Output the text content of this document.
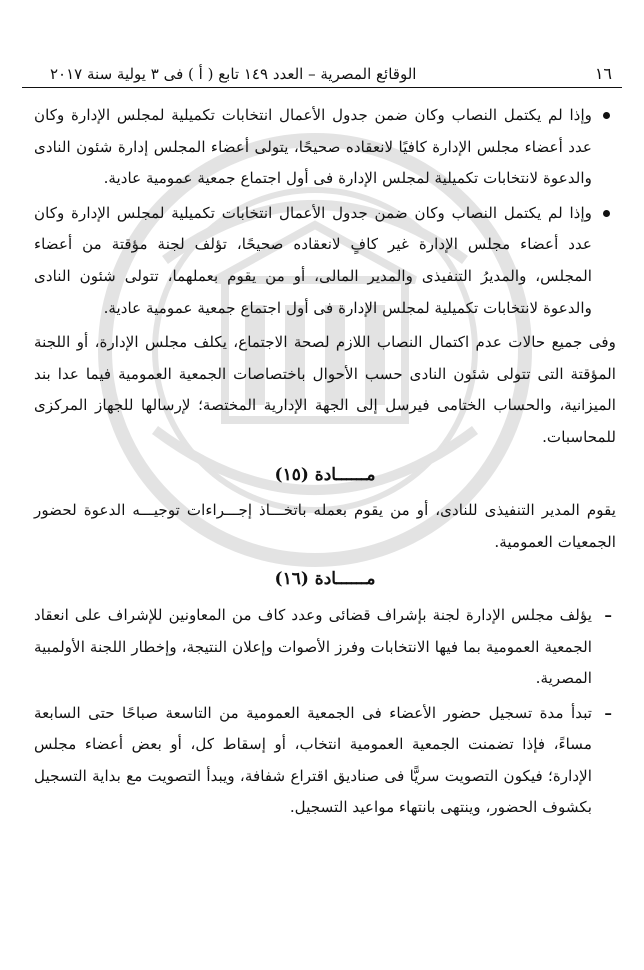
١٦
الوقائع المصرية – العدد ١٤٩ تابع ( أ ) فى ٣ يولية سنة ٢٠١٧
وإذا لم يكتمل النصاب وكان ضمن جدول الأعمال انتخابات تكميلية لمجلس الإدارة وكان عدد أعضاء مجلس الإدارة كافيًا لانعقاده صحيحًا، يتولى أعضاء المجلس إدارة شئون النادى والدعوة لانتخابات تكميلية لمجلس الإدارة فى أول اجتماع جمعية عمومية عادية.
وإذا لم يكتمل النصاب وكان ضمن جدول الأعمال انتخابات تكميلية لمجلس الإدارة وكان عدد أعضاء مجلس الإدارة غير كافٍ لانعقاده صحيحًا، تؤلف لجنة مؤقتة من أعضاء المجلس، والمديرُ التنفيذى والمدير المالى، أو من يقوم بعملهما، تتولى شئون النادى والدعوة لانتخابات تكميلية لمجلس الإدارة فى أول اجتماع جمعية عمومية عادية.

وفى جميع حالات عدم اكتمال النصاب اللازم لصحة الاجتماع، يكلف مجلس الإدارة، أو اللجنة المؤقتة التى تتولى شئون النادى حسب الأحوال باختصاصات الجمعية العمومية فيما عدا بند الميزانية، والحساب الختامى فيرسل إلى الجهة الإدارية المختصة؛ لإرسالها للجهاز المركزى للمحاسبات.

مــــــادة (١٥)

يقوم المدير التنفيذى للنادى، أو من يقوم بعمله باتخـــاذ إجـــراءات توجيـــه الدعوة لحضور الجمعيات العمومية.

مــــــادة (١٦)
–
يؤلف مجلس الإدارة لجنة بإشراف قضائى وعدد كاف من المعاونين للإشراف على انعقاد الجمعية العمومية بما فيها الانتخابات وفرز الأصوات وإعلان النتيجة، وإخطار اللجنة الأولمبية المصرية.
–
تبدأ مدة تسجيل حضور الأعضاء فى الجمعية العمومية من التاسعة صباحًا حتى السابعة مساءً، فإذا تضمنت الجمعية العمومية انتخاب، أو إسقاط كل، أو بعض أعضاء مجلس الإدارة؛ فيكون التصويت سريًّا فى صناديق اقتراع شفافة، ويبدأ التصويت مع بداية التسجيل بكشوف الحضور، وينتهى بانتهاء مواعيد التسجيل.
